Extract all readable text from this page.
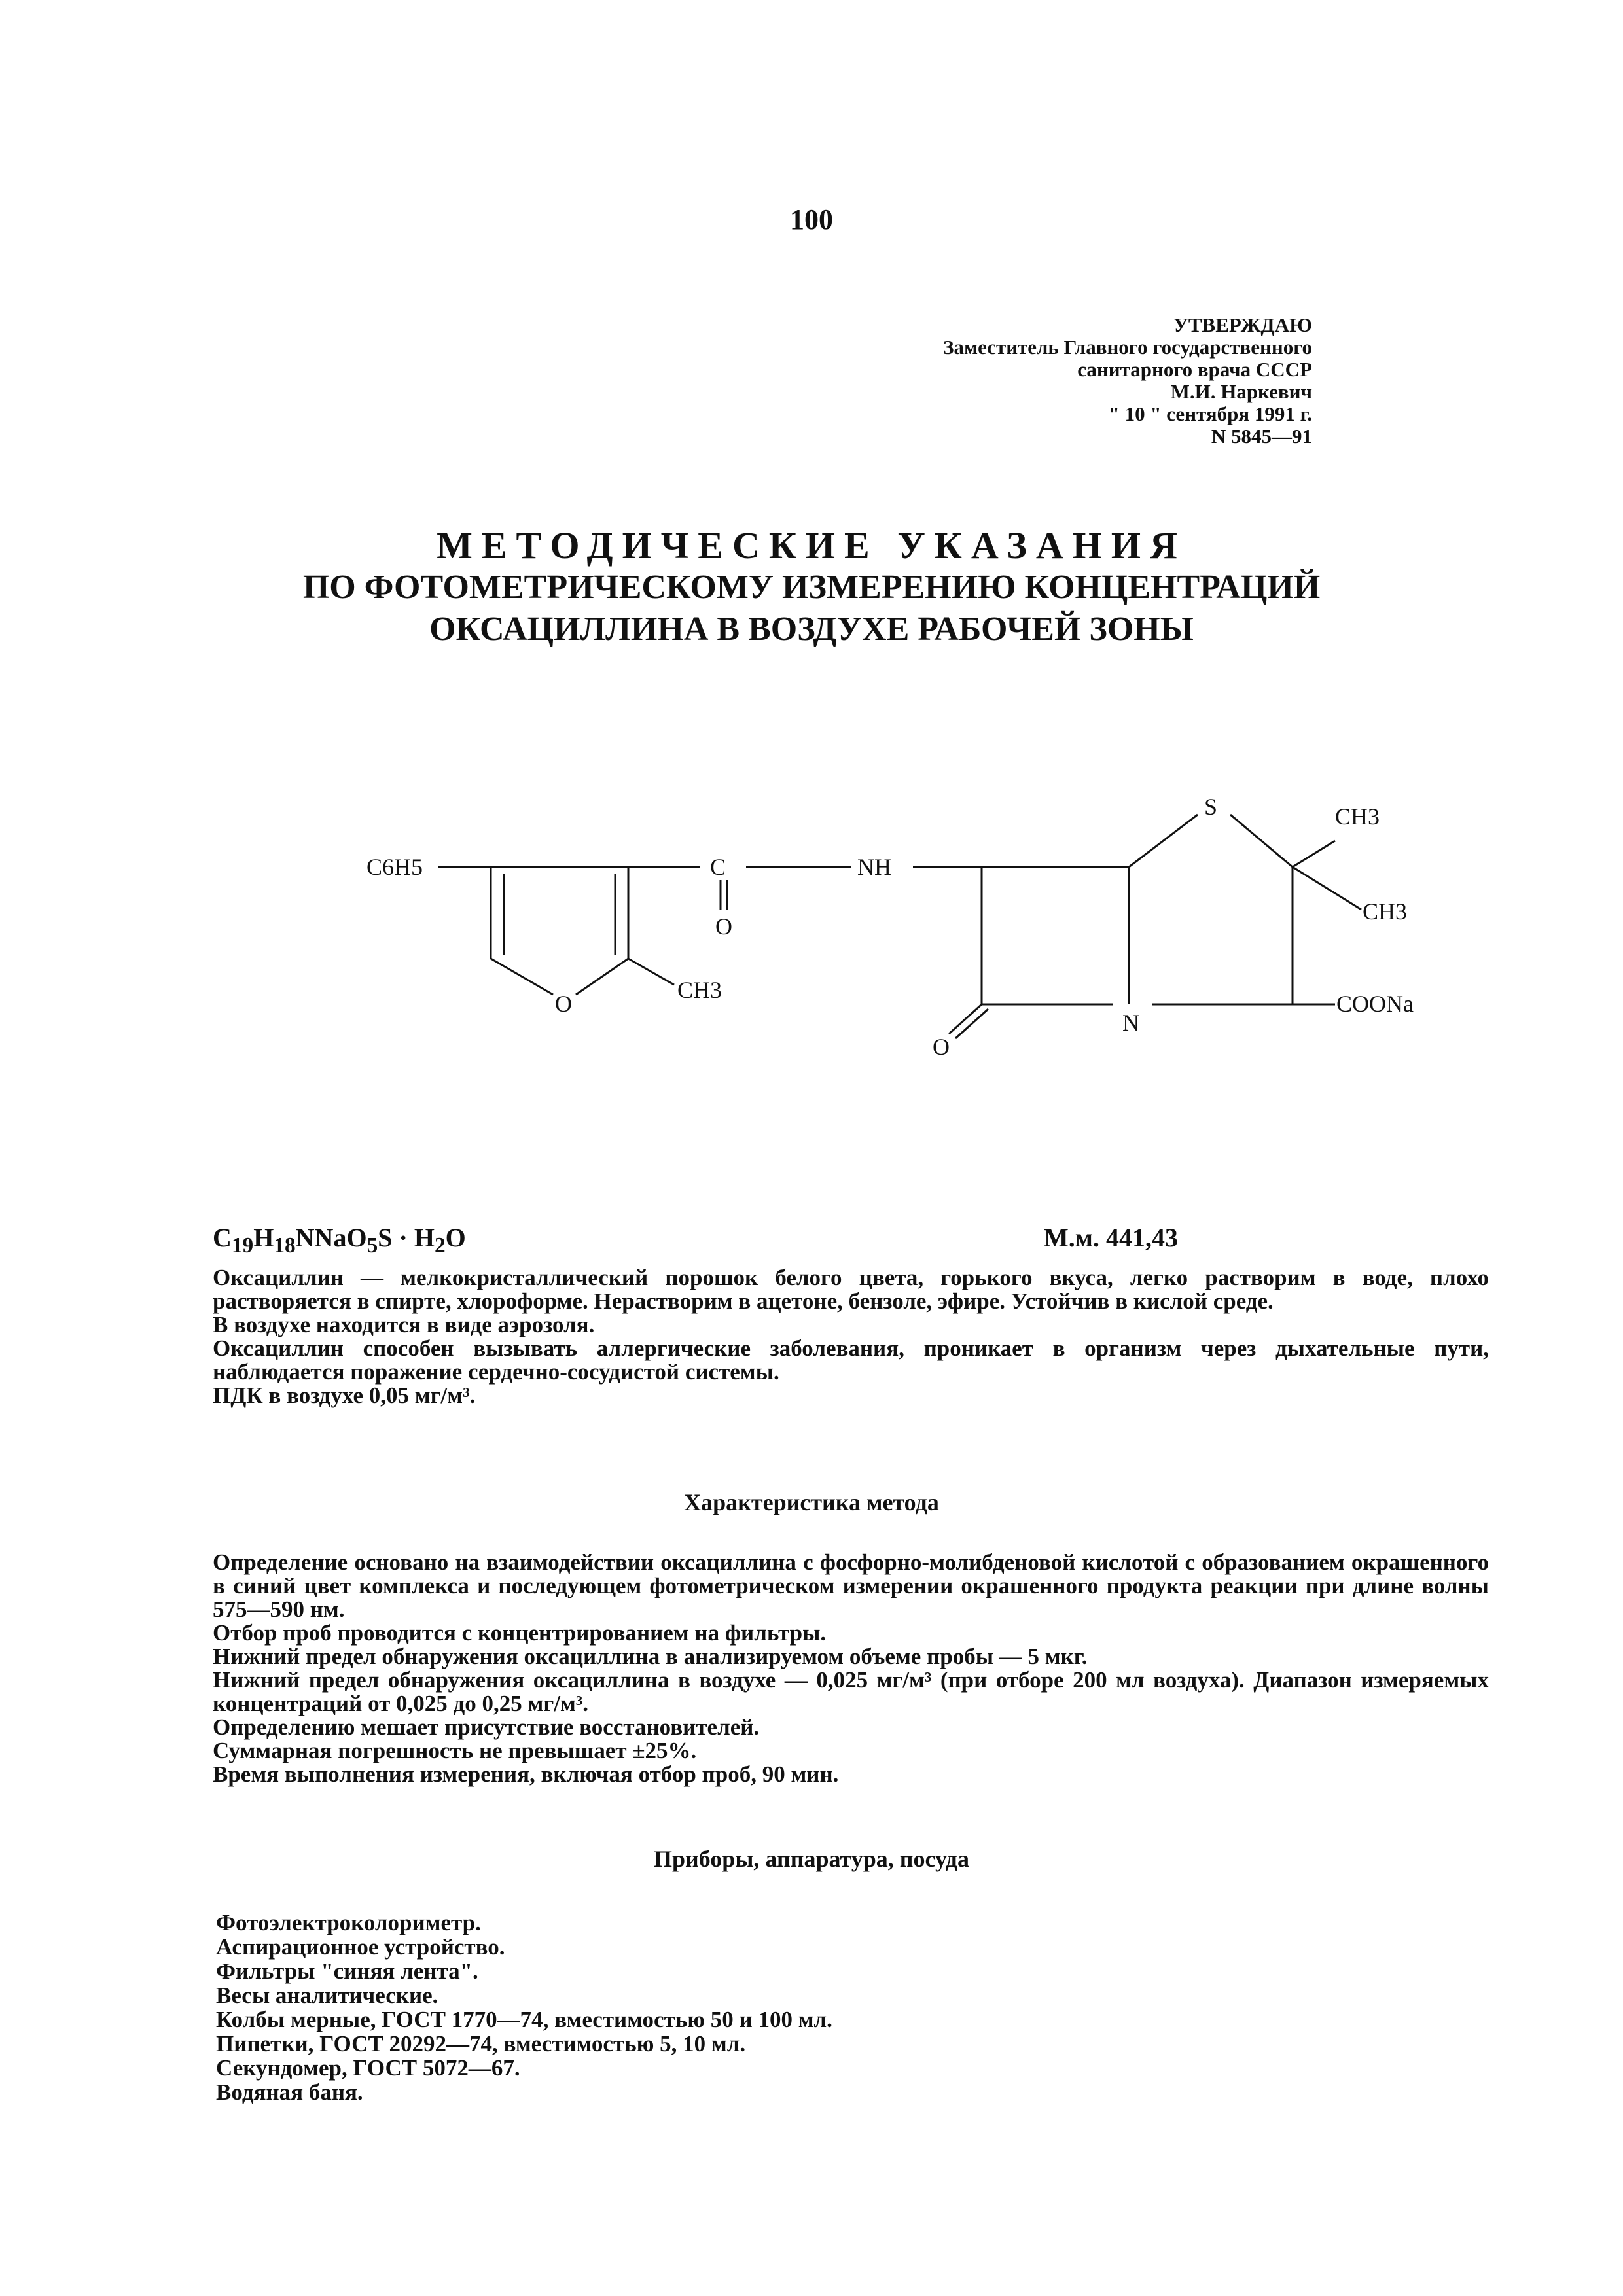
100
УТВЕРЖДАЮ
Заместитель Главного государственного
санитарного врача СССР
М.И. Наркевич
" 10 " сентября 1991 г.
N 5845—91
МЕТОДИЧЕСКИЕ УКАЗАНИЯ
ПО ФОТОМЕТРИЧЕСКОМУ ИЗМЕРЕНИЮ КОНЦЕНТРАЦИЙ
ОКСАЦИЛЛИНА В ВОЗДУХЕ РАБОЧЕЙ ЗОНЫ
C6H5	C
O
NH
O
CH3
S	CH3
CH3
N
COONa
O
$C_{19}H_{18}NNaO_5S \cdot H_2O$	М.м. 441,43
Оксациллин — мелкокристаллический порошок белого цвета, горького вкуса, легко растворим в воде, плохо растворяется в спирте, хлороформе. Нерастворим в ацетоне, бензоле, эфире. Устойчив в кислой среде.
В воздухе находится в виде аэрозоля.
Оксациллин способен вызывать аллергические заболевания, проникает в организм через дыхательные пути, наблюдается поражение сердечно-сосудистой системы.
ПДК в воздухе 0,05 мг/м³.
Характеристика метода
Определение основано на взаимодействии оксациллина с фосфорно-молибденовой кислотой с образованием окрашенного в синий цвет комплекса и последующем фотометрическом измерении окрашенного продукта реакции при длине волны 575—590 нм.
Отбор проб проводится с концентрированием на фильтры.
Нижний предел обнаружения оксациллина в анализируемом объеме пробы — 5 мкг.
Нижний предел обнаружения оксациллина в воздухе — 0,025 мг/м³ (при отборе 200 мл воздуха). Диапазон измеряемых концентраций от 0,025 до 0,25 мг/м³.
Определению мешает присутствие восстановителей.
Суммарная погрешность не превышает ±25%.
Время выполнения измерения, включая отбор проб, 90 мин.
Приборы, аппаратура, посуда
Фотоэлектроколориметр.
Аспирационное устройство.
Фильтры "синяя лента".
Весы аналитические.
Колбы мерные, ГОСТ 1770—74, вместимостью 50 и 100 мл.
Пипетки, ГОСТ 20292—74, вместимостью 5, 10 мл.
Секундомер, ГОСТ 5072—67.
Водяная баня.
